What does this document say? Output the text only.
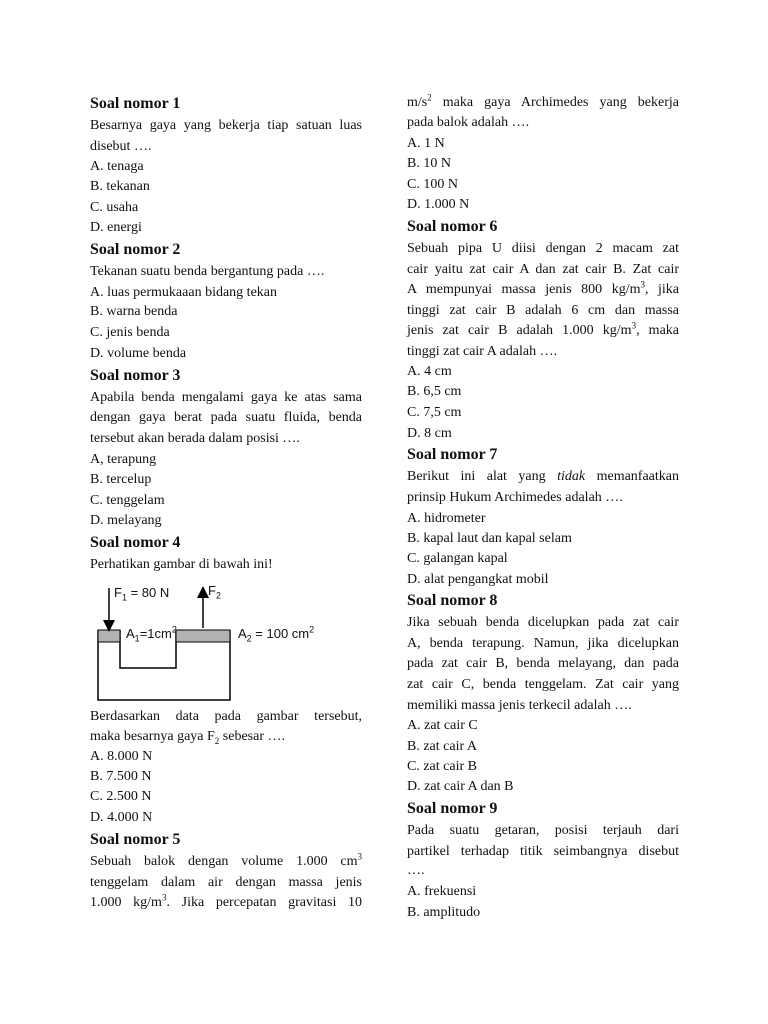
Soal nomor 1
Besarnya gaya yang bekerja tiap satuan luas
disebut ….
A. tenaga
B. tekanan
C. usaha
D. energi
Soal nomor 2
Tekanan suatu benda bergantung pada ….
A. luas permukaaan bidang tekan
B. warna benda
C. jenis benda
D. volume benda
Soal nomor 3
Apabila benda mengalami gaya ke atas sama
dengan gaya berat pada suatu fluida, benda
tersebut akan berada dalam posisi ….
A, terapung
B. tercelup
C. tenggelam
D. melayang
Soal nomor 4
Perhatikan gambar di bawah ini!
$F_1 = 80$ N	$F_2$
$A_1=1cm^2$	$A_2 = 100$ $cm^2$
Berdasarkan data pada gambar tersebut,
maka besarnya gaya $F_2$ sebesar ….
A. 8.000 N
B. 7.500 N
C. 2.500 N
D. 4.000 N
Soal nomor 5
Sebuah balok dengan volume 1.000 $cm^3$
tenggelam dalam air dengan massa jenis
1.000 $kg/m^3$. Jika percepatan gravitasi 10
$m/s^2$ maka gaya Archimedes yang bekerja
pada balok adalah ….
A. 1 N
B. 10 N
C. 100 N
D. 1.000 N
Soal nomor 6
Sebuah pipa U diisi dengan 2 macam zat
cair yaitu zat cair A dan zat cair B. Zat cair
A mempunyai massa jenis 800 $kg/m^3$, jika
tinggi zat cair B adalah 6 cm dan massa
jenis zat cair B adalah 1.000 $kg/m^3$, maka
tinggi zat cair A adalah ….
A. 4 cm
B. 6,5 cm
C. 7,5 cm
D. 8 cm
Soal nomor 7
Berikut ini alat yang tidak memanfaatkan
prinsip Hukum Archimedes adalah ….
A. hidrometer
B. kapal laut dan kapal selam
C. galangan kapal
D. alat pengangkat mobil
Soal nomor 8
Jika sebuah benda dicelupkan pada zat cair
A, benda terapung. Namun, jika dicelupkan
pada zat cair B, benda melayang, dan pada
zat cair C, benda tenggelam. Zat cair yang
memiliki massa jenis terkecil adalah ….
A. zat cair C
B. zat cair A
C. zat cair B
D. zat cair A dan B
Soal nomor 9
Pada suatu getaran, posisi terjauh dari
partikel terhadap titik seimbangnya disebut
….
A. frekuensi
B. amplitudo
